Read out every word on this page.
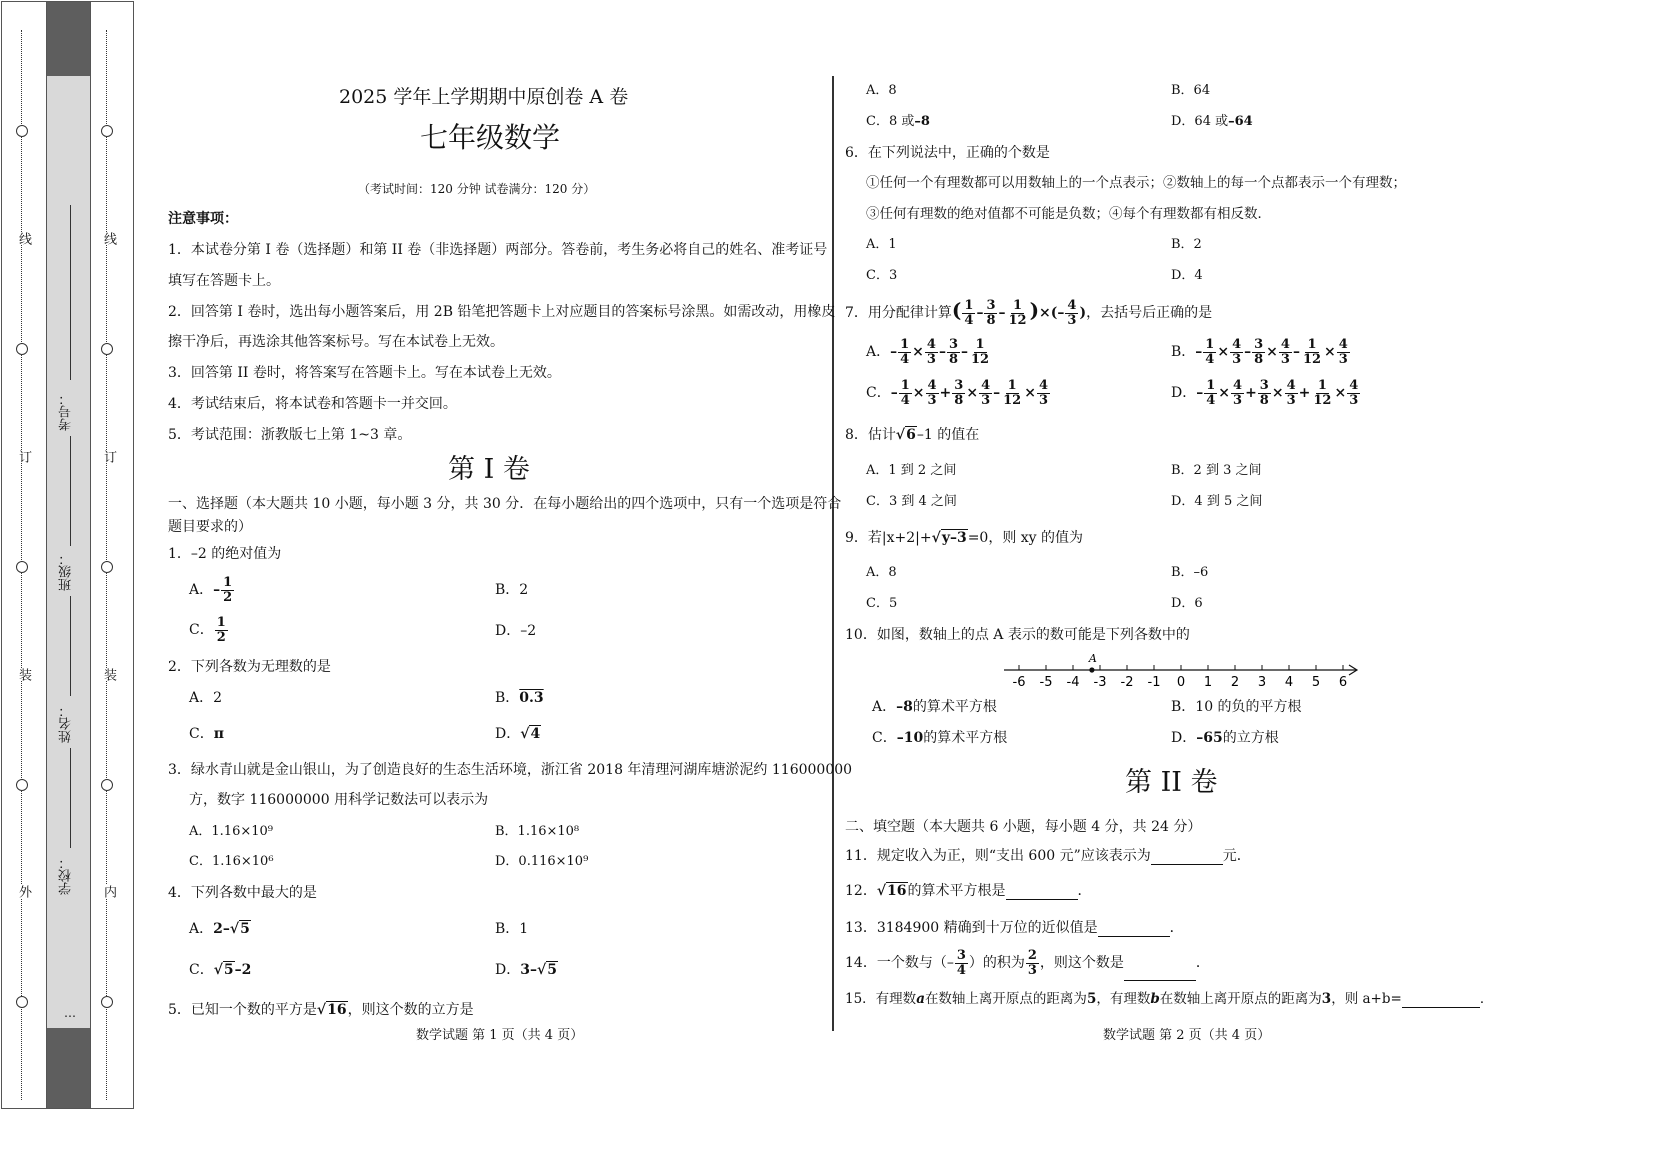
线
订
装
外
线
订
装
内
考号：
班级：
姓名：
学校：
…
2025 学年上学期期中原创卷 A 卷
七年级数学
（考试时间：120 分钟 试卷满分：120 分）
注意事项：
1．本试卷分第 I 卷（选择题）和第 II 卷（非选择题）两部分。答卷前，考生务必将自己的姓名、准考证号
填写在答题卡上。
2．回答第 I 卷时，选出每小题答案后，用 2B 铅笔把答题卡上对应题目的答案标号涂黑。如需改动，用橡皮
擦干净后，再选涂其他答案标号。写在本试卷上无效。
3．回答第 II 卷时，将答案写在答题卡上。写在本试卷上无效。
4．考试结束后，将本试卷和答题卡一并交回。
5．考试范围：浙教版七上第 1~3 章。
第 I 卷
一、选择题（本大题共 10 小题，每小题 3 分，共 30 分．在每小题给出的四个选项中，只有一个选项是符合
题目要求的）
1．–2 的绝对值为
A．– $\frac{1}{2}$	B．2
C． $\frac{1}{2}$	D．–2
2．下列各数为无理数的是
A．2	B．0.3
C．π	D．√4
3．绿水青山就是金山银山，为了创造良好的生态生活环境，浙江省 2018 年清理河湖库塘淤泥约 116000000
方，数字 116000000 用科学记数法可以表示为
A．1.16×10⁹	B．1.16×10⁸
C．1.16×10⁶	D．0.116×10⁹
4．下列各数中最大的是
A．2–√5	B．1
C．√5–2	D．3–√5
5．已知一个数的平方是√16，则这个数的立方是
数学试题 第 1 页（共 4 页）
A．8	B．64
C．8 或–8	D．64 或–64
6．在下列说法中，正确的个数是
①任何一个有理数都可以用数轴上的一个点表示；②数轴上的每一个点都表示一个有理数；
③任何有理数的绝对值都不可能是负数；④每个有理数都有相反数．
A．1	B．2
C．3	D．4
7．用分配律计算( $\frac{1}{4} - \frac{3}{8} - \frac{1}{12}$ )×(– $\frac{4}{3}$ )，去括号后正确的是
A．– $\frac{1}{4} \times \frac{4}{3} - \frac{3}{8} - \frac{1}{12}$	B．– $\frac{1}{4} \times \frac{4}{3} - \frac{3}{8} \times \frac{4}{3} - \frac{1}{12} \times \frac{4}{3}$
C．– $\frac{1}{4} \times \frac{4}{3} + \frac{3}{8} \times \frac{4}{3} - \frac{1}{12} \times \frac{4}{3}$	D．– $\frac{1}{4} \times \frac{4}{3} + \frac{3}{8} \times \frac{4}{3} + \frac{1}{12} \times \frac{4}{3}$
8．估计√6–1 的值在
A．1 到 2 之间	B．2 到 3 之间
C．3 到 4 之间	D．4 到 5 之间
9．若|x+2|+√y–3=0，则 xy 的值为
A．8	B．–6
C．5	D．6
10．如图，数轴上的点 A 表示的数可能是下列各数中的
-6 -5 -4 -3 -2 -1 0 1 2 3 4 5 6
A
A．–8的算术平方根	B．10 的负的平方根
C．–10的算术平方根	D．–65的立方根
第 II 卷
二、填空题（本大题共 6 小题，每小题 4 分，共 24 分）
11．规定收入为正，则“支出 600 元”应该表示为	元．
12．√16的算术平方根是	．
13．3184900 精确到十万位的近似值是	．
14．一个数与（– $\frac{3}{4}$ ）的积为 $\frac{2}{3}$ ，则这个数是	．
15．有理数a在数轴上离开原点的距离为5，有理数b在数轴上离开原点的距离为3，则 a+b=	．
数学试题 第 2 页（共 4 页）
